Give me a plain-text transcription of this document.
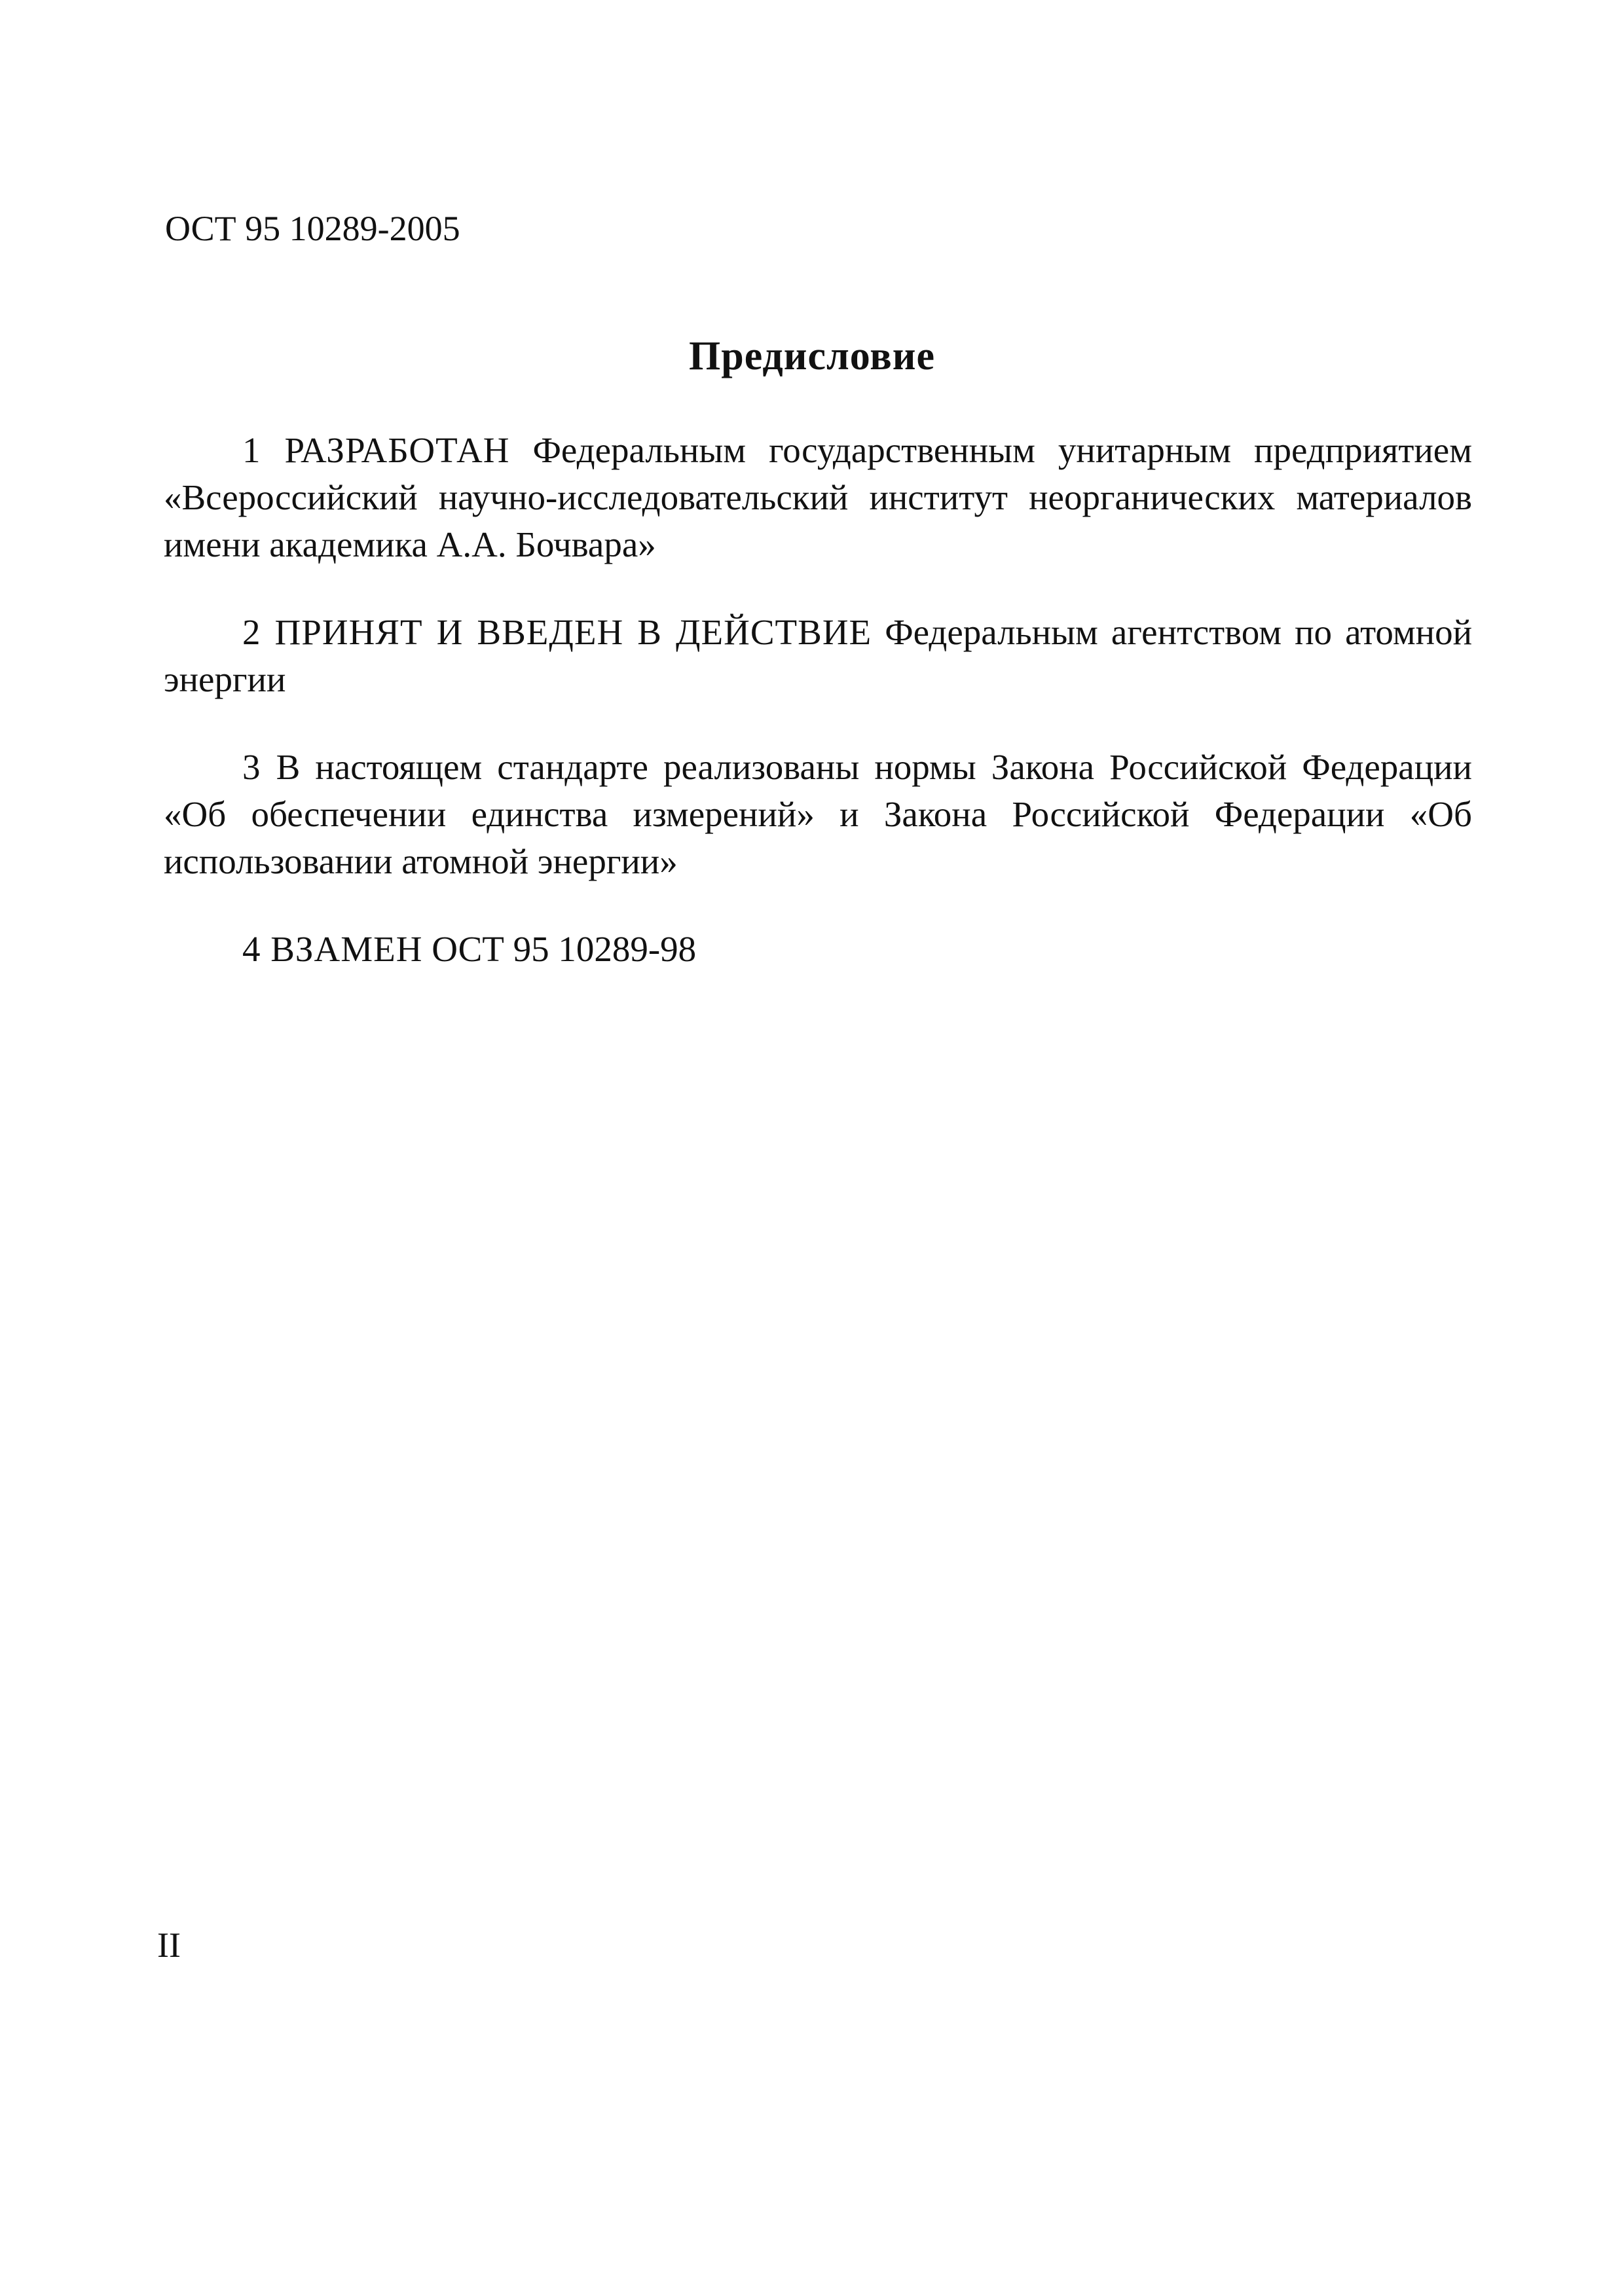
ОСТ 95 10289-2005
Предисловие

1 РАЗРАБОТАН Федеральным государственным унитарным предприятием «Всероссийский научно-исследовательский институт неорганических материалов имени академика А.А. Бочвара»

2 ПРИНЯТ И ВВЕДЕН В ДЕЙСТВИЕ Федеральным агентством по атомной энергии

3 В настоящем стандарте реализованы нормы Закона Российской Федерации «Об обеспечении единства измерений» и Закона Российской Федерации «Об использовании атомной энергии»

4 ВЗАМЕН ОСТ 95 10289-98

II
